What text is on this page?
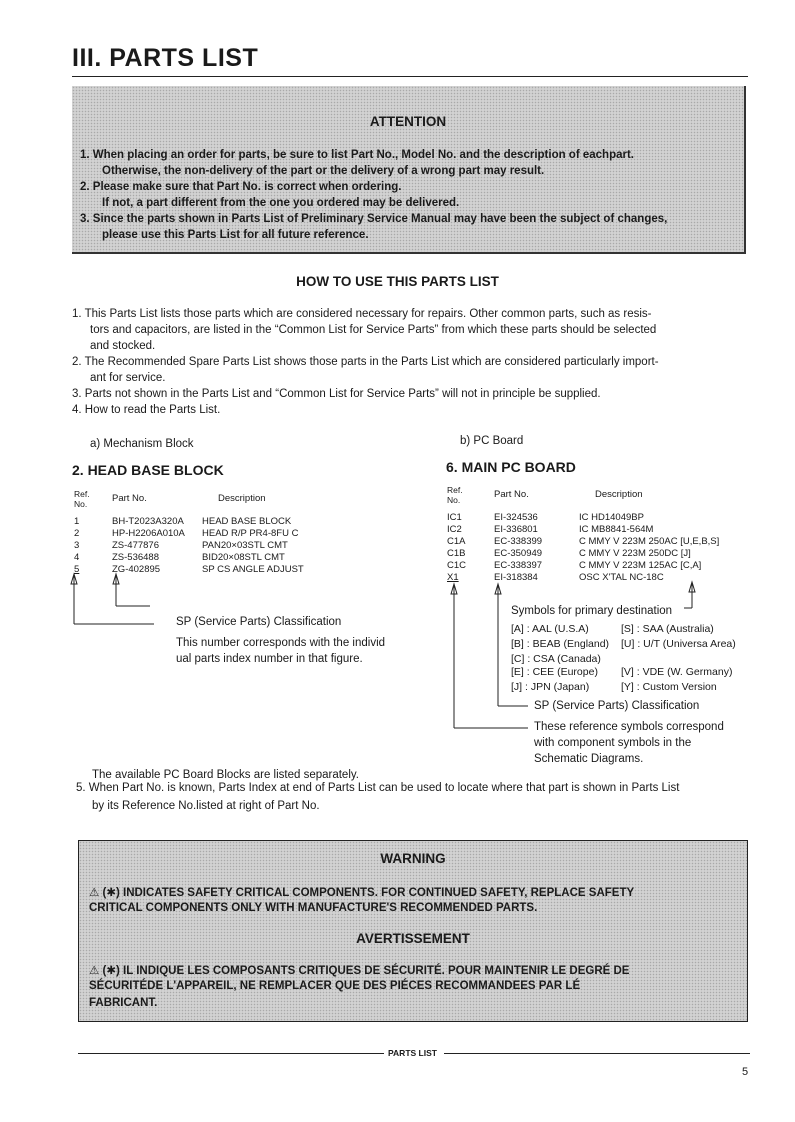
III. PARTS LIST
ATTENTION
1. When placing an order for parts, be sure to list Part No., Model No. and the description of eachpart.
Otherwise, the non-delivery of the part or the delivery of a wrong part may result.
2. Please make sure that Part No. is correct when ordering.
If not, a part different from the one you ordered may be delivered.
3. Since the parts shown in Parts List of Preliminary Service Manual may have been the subject of changes,
please use this Parts List for all future reference.
HOW TO USE THIS PARTS LIST
1. This Parts List lists those parts which are considered necessary for repairs. Other common parts, such as resis-
tors and capacitors, are listed in the “Common List for Service Parts” from which these parts should be selected
and stocked.
2. The Recommended Spare Parts List shows those parts in the Parts List which are considered particularly import-
ant for service.
3. Parts not shown in the Parts List and “Common List for Service Parts” will not in principle be supplied.
4. How to read the Parts List.
a) Mechanism Block
2. HEAD BASE BLOCK
Ref.
No.	Part No.	Description
1	BH-T2023A320A HEAD BASE BLOCK
2	HP-H2206A010A HEAD R/P PR4-8FU C
3	ZS-477876	PAN20×03STL CMT
4	ZS-536488	BID20×08STL CMT
5	ZG-402895	SP CS ANGLE ADJUST
SP (Service Parts) Classification
This number corresponds with the individ
ual parts index number in that figure.
b) PC Board
6. MAIN PC BOARD
Ref.
No.	Part No.	Description
IC1	EI-324536	IC HD14049BP
IC2	EI-336801	IC MB8841-564M
C1A	EC-338399	C MMY V 223M 250AC [U,E,B,S]
C1B	EC-350949	C MMY V 223M 250DC [J]
C1C	EC-338397	C MMY V 223M 125AC [C,A]
X1	EI-318384	OSC X'TAL NC-18C
Symbols for primary destination
[A] : AAL (U.S.A)	[S] : SAA (Australia)
[B] : BEAB (England) [U] : U/T (Universa Area)
[C] : CSA (Canada)
[E] : CEE (Europe) [V] : VDE (W. Germany)
[J] : JPN (Japan)	[Y] : Custom Version
SP (Service Parts) Classification
These reference symbols correspond
with component symbols in the
Schematic Diagrams.
The available PC Board Blocks are listed separately.
5. When Part No. is known, Parts Index at end of Parts List can be used to locate where that part is shown in Parts List
by its Reference No.listed at right of Part No.
WARNING
⚠ (✱) INDICATES SAFETY CRITICAL COMPONENTS. FOR CONTINUED SAFETY, REPLACE SAFETY
CRITICAL COMPONENTS ONLY WITH MANUFACTURE'S RECOMMENDED PARTS.
AVERTISSEMENT
⚠ (✱) IL INDIQUE LES COMPOSANTS CRITIQUES DE SÉCURITÉ. POUR MAINTENIR LE DEGRÉ DE
SÉCURITÉDE L'APPAREIL, NE REMPLACER QUE DES PIÉCES RECOMMANDEES PAR LÉ
FABRICANT.
PARTS LIST
5
